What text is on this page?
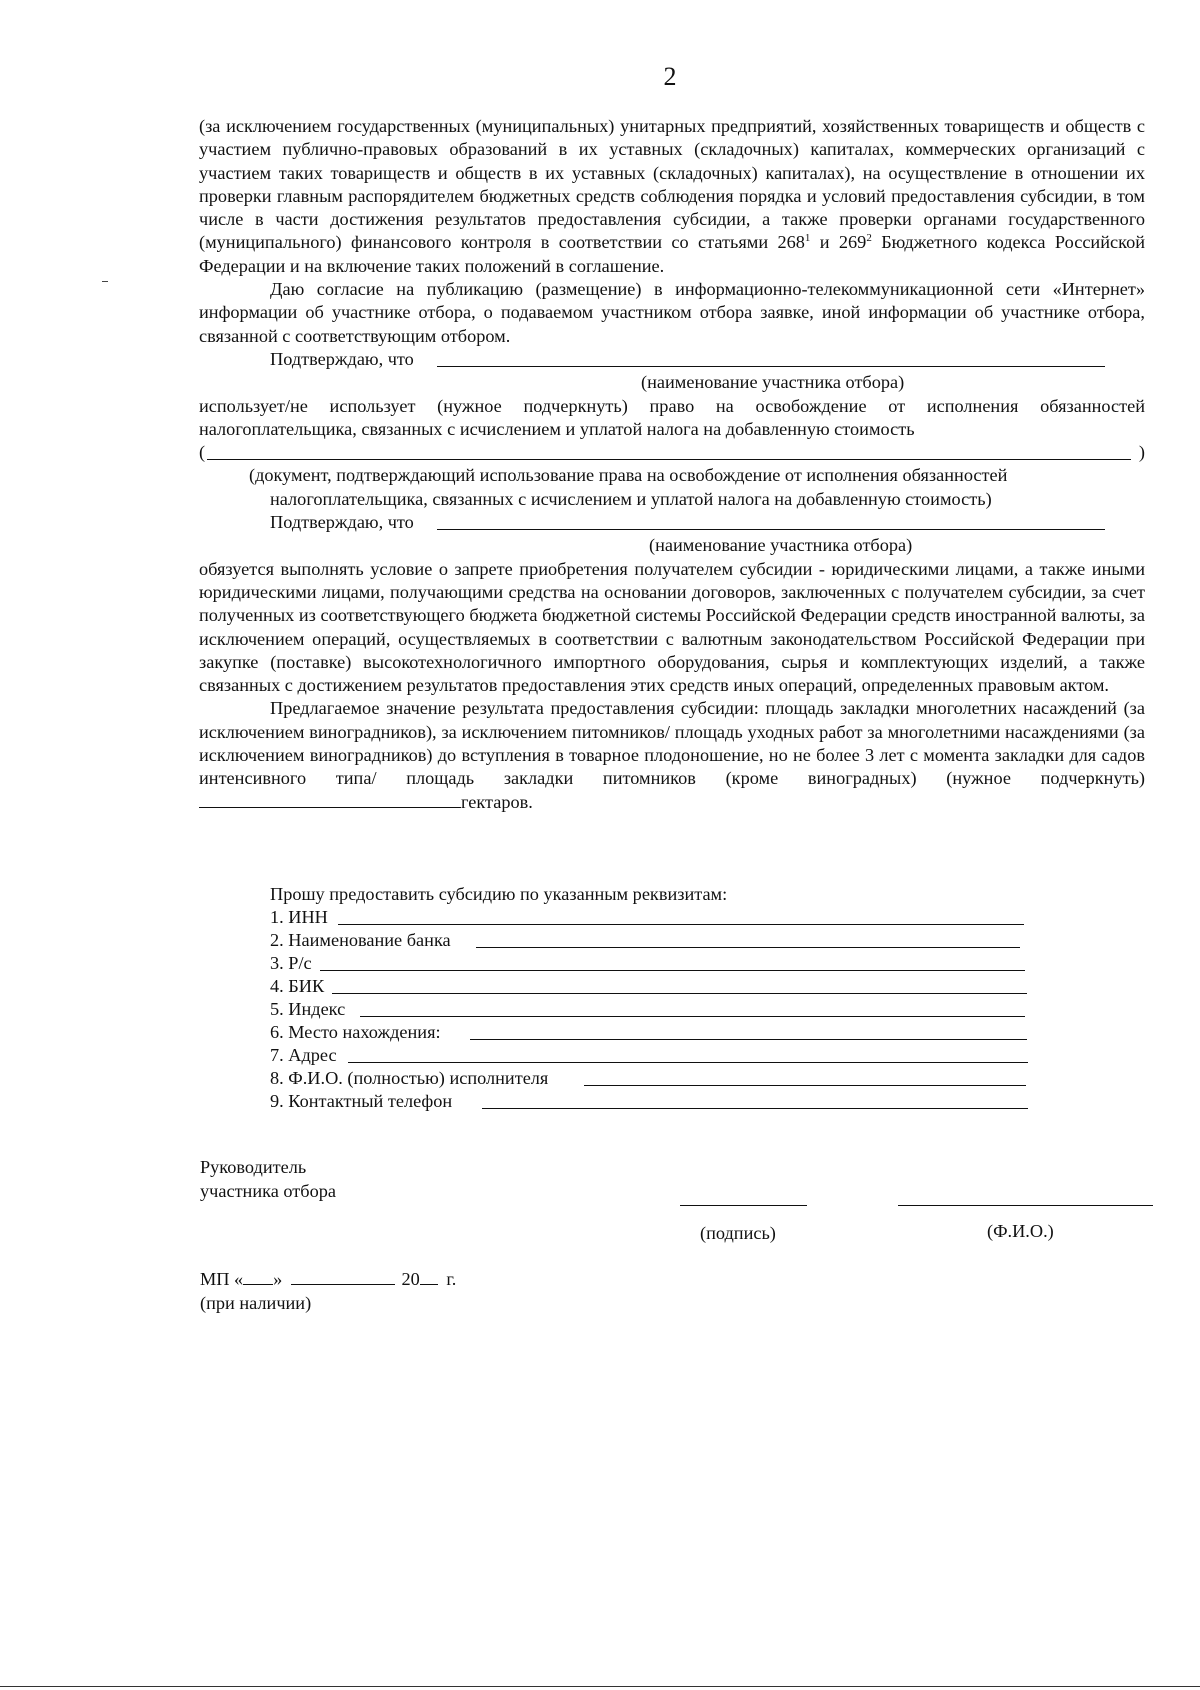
2

(за исключением государственных (муниципальных) унитарных предприятий, хозяйственных товариществ и обществ с участием публично-правовых образований в их уставных (складочных) капиталах, коммерческих организаций с участием таких товариществ и обществ в их уставных (складочных) капиталах), на осуществление в отношении их проверки главным распорядителем бюджетных средств соблюдения порядка и условий предоставления субсидии, в том числе в части достижения результатов предоставления субсидии, а также проверки органами государственного (муниципального) финансового контроля в соответствии со статьями $268^1$ и $269^2$ Бюджетного кодекса Российской Федерации и на включение таких положений в соглашение.

Даю согласие на публикацию (размещение) в информационно-телекоммуникационной сети «Интернет» информации об участнике отбора, о подаваемом участником отбора заявке, иной информации об участнике отбора, связанной с соответствующим отбором.

Подтверждаю, что
(наименование участника отбора)

использует/не использует (нужное подчеркнуть) право на освобождение от исполнения обязанностей налогоплательщика, связанных с исчислением и уплатой налога на добавленную стоимость

(	)
(документ, подтверждающий использование права на освобождение от исполнения обязанностей
налогоплательщика, связанных с исчислением и уплатой налога на добавленную стоимость)
Подтверждаю, что
(наименование участника отбора)

обязуется выполнять условие о запрете приобретения получателем субсидии - юридическими лицами, а также иными юридическими лицами, получающими средства на основании договоров, заключенных с получателем субсидии, за счет полученных из соответствующего бюджета бюджетной системы Российской Федерации средств иностранной валюты, за исключением операций, осуществляемых в соответствии с валютным законодательством Российской Федерации при закупке (поставке) высокотехнологичного импортного оборудования, сырья и комплектующих изделий, а также связанных с достижением результатов предоставления этих средств иных операций, определенных правовым актом.

Предлагаемое значение результата предоставления субсидии: площадь закладки многолетних насаждений (за исключением виноградников), за исключением питомников/ площадь уходных работ за многолетними насаждениями (за исключением виноградников) до вступления в товарное плодоношение, но не более 3 лет с момента закладки для садов интенсивного типа/ площадь закладки питомников (кроме виноградных) (нужное подчеркнуть) гектаров.

Прошу предоставить субсидию по указанным реквизитам:
1. ИНН
2. Наименование банка
3. Р/с
4. БИК
5. Индекс
6. Место нахождения:
7. Адрес
8. Ф.И.О. (полностью) исполнителя
9. Контактный телефон
Руководитель
участника отбора
(подпись)	(Ф.И.О.)
МП « »	20 г.
(при наличии)
